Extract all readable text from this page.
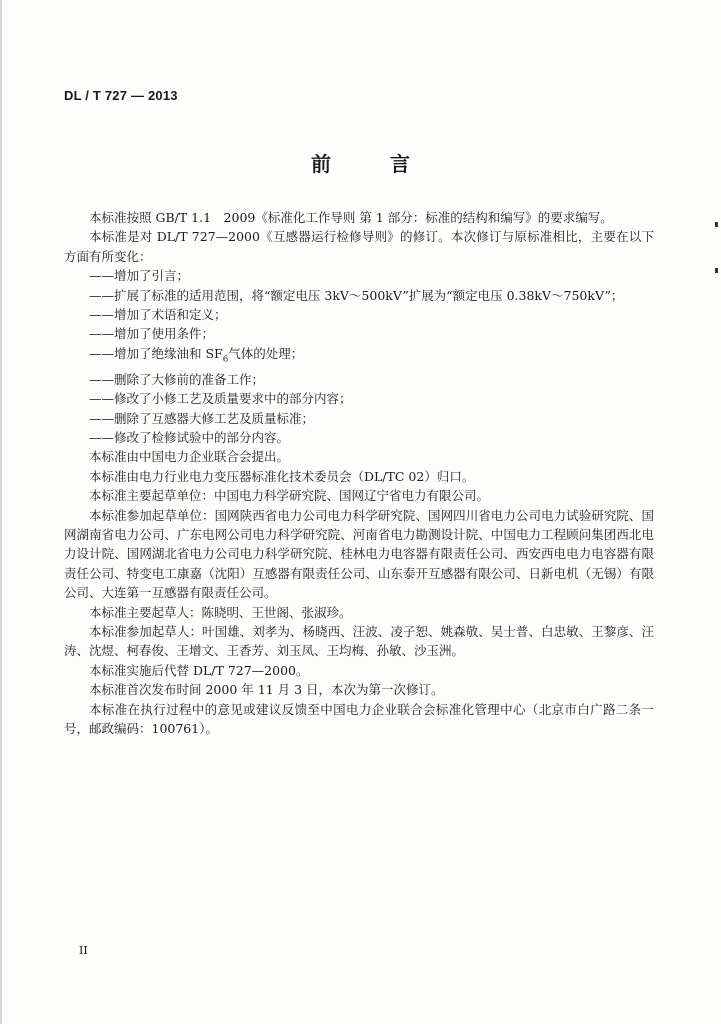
DL / T 727 — 2013
前 言

本标准按照 GB/T 1.1　2009《标准化工作导则 第 1 部分：标准的结构和编写》的要求编写。

本标准是对 DL/T 727—2000《互感器运行检修导则》的修订。本次修订与原标准相比，主要在以下方面有所变化：

——增加了引言；

——扩展了标准的适用范围，将“额定电压 3kV～500kV”扩展为“额定电压 0.38kV～750kV”；

——增加了术语和定义；

——增加了使用条件；

——增加了绝缘油和 $SF_6$气体的处理；

——删除了大修前的准备工作；

——修改了小修工艺及质量要求中的部分内容；

——删除了互感器大修工艺及质量标准；

——修改了检修试验中的部分内容。

本标准由中国电力企业联合会提出。

本标准由电力行业电力变压器标准化技术委员会（DL/TC 02）归口。

本标准主要起草单位：中国电力科学研究院、国网辽宁省电力有限公司。

本标准参加起草单位：国网陕西省电力公司电力科学研究院、国网四川省电力公司电力试验研究院、国网湖南省电力公司、广东电网公司电力科学研究院、河南省电力勘测设计院、中国电力工程顾问集团西北电力设计院、国网湖北省电力公司电力科学研究院、桂林电力电容器有限责任公司、西安西电电力电容器有限责任公司、特变电工康嘉（沈阳）互感器有限责任公司、山东泰开互感器有限公司、日新电机（无锡）有限公司、大连第一互感器有限责任公司。

本标准主要起草人：陈晓明、王世阁、张淑珍。

本标准参加起草人：叶国雄、刘孝为、杨晓西、汪波、凌子恕、姚森敬、吴士普、白忠敏、王黎彦、汪涛、沈煜、柯春俊、王增文、王香芳、刘玉凤、王均梅、孙敏、沙玉洲。

本标准实施后代替 DL/T 727—2000。

本标准首次发布时间 2000 年 11 月 3 日，本次为第一次修订。

本标准在执行过程中的意见或建议反馈至中国电力企业联合会标准化管理中心（北京市白广路二条一号，邮政编码：100761）。

II
